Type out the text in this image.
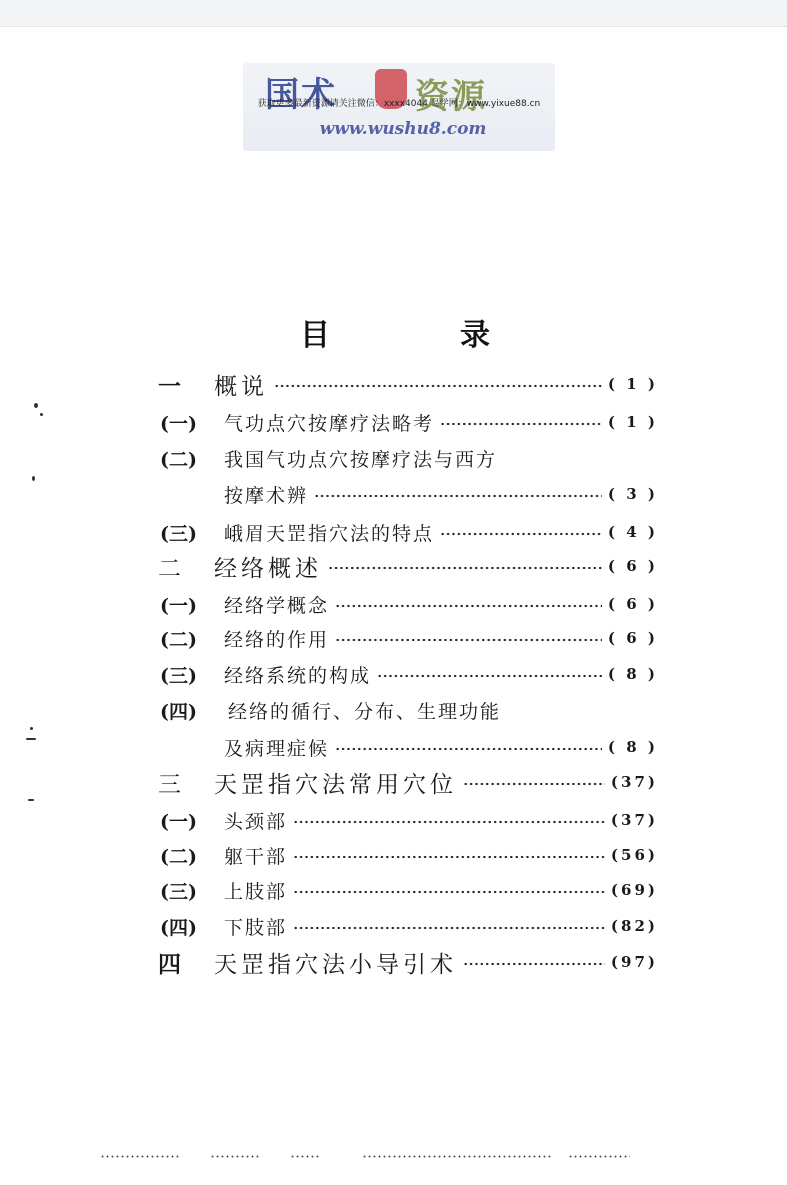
国术 资源
获取更多最新资源请关注微信：xxxx4044 易学网：www.yixue88.cn
www.wushu8.com
目	录
一	概说	( 1 )
(一)	气功点穴按摩疗法略考	( 1 )
(二)	我国气功点穴按摩疗法与西方
按摩术辨	( 3 )
(三)	峨眉天罡指穴法的特点	( 4 )
二	经络概述	( 6 )
(一)	经络学概念	( 6 )
(二)	经络的作用	( 6 )
(三)	经络系统的构成	( 8 )
(四)	经络的循行、分布、生理功能
及病理症候	( 8 )
三	天罡指穴法常用穴位	(37)
(一)	头颈部	(37)
(二)	躯干部	(56)
(三)	上肢部	(69)
(四)	下肢部	(82)
四	天罡指穴法小导引术	(97)
